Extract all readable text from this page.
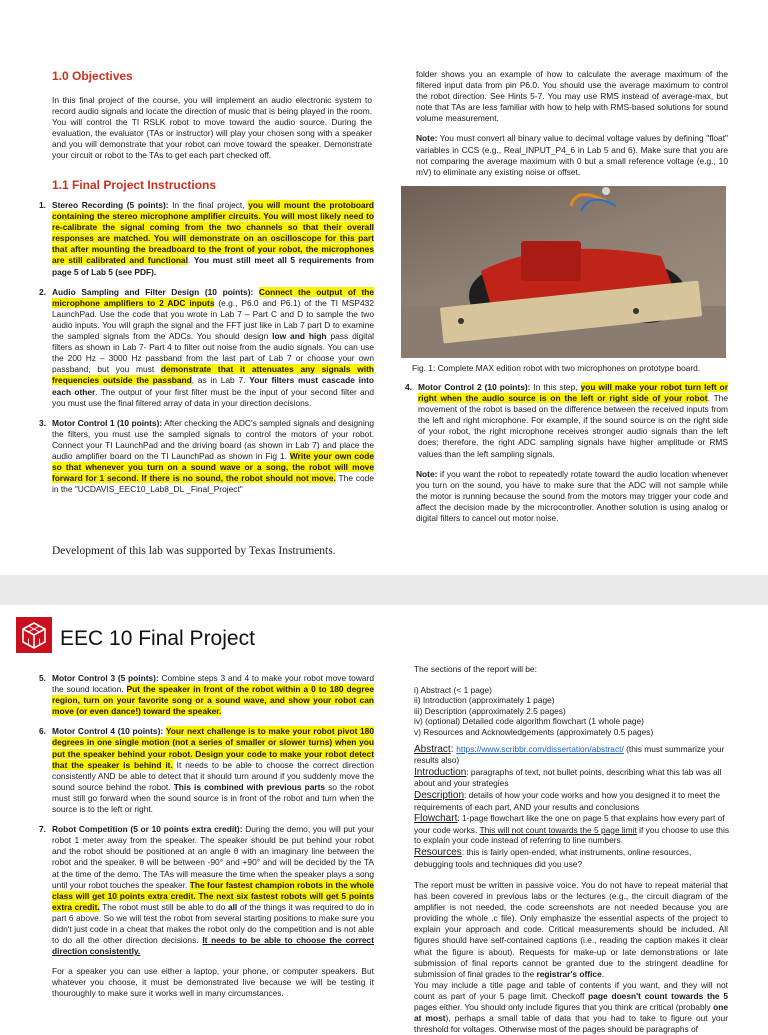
1.0 Objectives
In this final project of the course, you will implement an audio electronic system to record audio signals and locate the direction of music that is being played in the room. You will control the TI RSLK robot to move toward the audio source. During the evaluation, the evaluator (TAs or instructor) will play your chosen song with a speaker and you will demonstrate that your robot can move toward the speaker. Demonstrate your circuit or robot to the TAs to get each part checked off.
1.1 Final Project Instructions
1. Stereo Recording (5 points): In the final project, you will mount the protoboard containing the stereo microphone amplifier circuits. You will most likely need to re-calibrate the signal coming from the two channels so that their overall responses are matched. You will demonstrate on an oscilloscope for this part that after mounting the breadboard to the front of your robot, the microphones are still calibrated and functional. You must still meet all 5 requirements from page 5 of Lab 5 (see PDF).
2. Audio Sampling and Filter Design (10 points): Connect the output of the microphone amplifiers to 2 ADC inputs (e.g., P6.0 and P6.1) of the TI MSP432 LaunchPad. Use the code that you wrote in Lab 7 – Part C and D to sample the two audio inputs. You will graph the signal and the FFT just like in Lab 7 part D to examine the sampled signals from the ADCs. You should design low and high pass digital filters as shown in Lab 7- Part 4 to filter out noise from the audio signals. You can use the 200 Hz – 3000 Hz passband from the last part of Lab 7 or choose your own passband, but you must demonstrate that it attenuates any signals with frequencies outside the passband, as in Lab 7. Your filters must cascade into each other. The output of your first filter must be the input of your second filter and you must use the final filtered array of data in your direction decisions.
3. Motor Control 1 (10 points): After checking the ADC's sampled signals and designing the filters, you must use the sampled signals to control the motors of your robot. Connect your TI LaunchPad and the driving board (as shown in Lab 7) and place the audio amplifier board on the TI LaunchPad as shown in Fig 1. Write your own code so that whenever you turn on a sound wave or a song, the robot will move forward for 1 second. If there is no sound, the robot should not move. The code in the "UCDAVIS_EEC10_Lab8_DL _Final_Project"
folder shows you an example of how to calculate the average maximum of the filtered input data from pin P6.0. You should use the average maximum to control the robot direction. See Hints 5-7. You may use RMS instead of average-max, but note that TAs are less familiar with how to help with RMS-based solutions for sound volume measurement.
Note: You must convert all binary value to decimal voltage values by defining "float" variables in CCS (e.g., Real_INPUT_P4_6 in Lab 5 and 6). Make sure that you are not comparing the average maximum with 0 but a small reference voltage (e.g., 10 mV) to eliminate any existing noise or offset.
Fig. 1: Complete MAX edition robot with two microphones on prototype board.
4. Motor Control 2 (10 points): In this step, you will make your robot turn left or right when the audio source is on the left or right side of your robot. The movement of the robot is based on the difference between the received inputs from the left and right microphone. For example, if the sound source is on the right side of your robot, the right microphone receives stronger audio signals than the left does; therefore, the right ADC sampling signals have higher amplitude or RMS values than the left sampling signals.
Note: if you want the robot to repeatedly rotate toward the audio location whenever you turn on the sound, you have to make sure that the ADC will not sample while the motor is running because the sound from the motors may trigger your code and affect the decision made by the microcontroller. Another solution is using analog or digital filters to cancel out motor noise.
Development of this lab was supported by Texas Instruments.
EEC 10 Final Project
5. Motor Control 3 (5 points): Combine steps 3 and 4 to make your robot move toward the sound location. Put the speaker in front of the robot within a 0 to 180 degree region, turn on your favorite song or a sound wave, and show your robot can move (or even dance!) toward the speaker.
6. Motor Control 4 (10 points): Your next challenge is to make your robot pivot 180 degrees in one single motion (not a series of smaller or slower turns) when you put the speaker behind your robot. Design your code to make your robot detect that the speaker is behind it. It needs to be able to choose the correct direction consistently AND be able to detect that it should turn around if you suddenly move the sound source behind the robot. This is combined with previous parts so the robot must still go forward when the sound source is in front of the robot and turn when the source is to the left or right.
7. Robot Competition (5 or 10 points extra credit): During the demo, you will put your robot 1 meter away from the speaker. The speaker should be put behind your robot and the robot should be positioned at an angle θ with an imaginary line between the robot and the speaker. θ will be between -90° and +90° and will be decided by the TA at the time of the demo. The TAs will measure the time when the speaker plays a song until your robot touches the speaker. The four fastest champion robots in the whole class will get 10 points extra credit. The next six fastest robots will get 5 points extra credit. The robot must still be able to do all of the things it was required to do in part 6 above. So we will test the robot from several starting positions to make sure you didn't just code in a cheat that makes the robot only do the competition and is not able to do all the other direction decisions. It needs to be able to choose the correct direction consistently.
For a speaker you can use either a laptop, your phone, or computer speakers. But whatever you choose, it must be demonstrated live because we will be testing it thouroughly to make sure it works well in many circumstances.
The sections of the report will be:
i) Abstract (< 1 page)
ii) Introduction (approximately 1 page)
iii) Description (approximately 2.5 pages)
iv) (optional) Detailed code algorithm flowchart (1 whole page)
v) Resources and Acknowledgements (approximately 0.5 pages)
Abstract: https://www.scribbr.com/dissertation/abstract/ (this must summarize your results also)
Introduction: paragraphs of text, not bullet points, describing what this lab was all about and your strategies
Description: details of how your code works and how you designed it to meet the requirements of each part, AND your results and conclusions
Flowchart: 1-page flowchart like the one on page 5 that explains how every part of your code works. This will not count towards the 5 page limit if you choose to use this to explain your code instead of referring to line numbers.
Resources: this is fairly open-ended, what instruments, online resources, debugging tools and techniques did you use?
The report must be written in passive voice. You do not have to repeat material that has been covered in previous labs or the lectures (e.g., the circuit diagram of the amplifier is not needed, the code screenshots are not needed because you are providing the whole .c file). Only emphasize the essential aspects of the project to explain your approach and code. Critical measurements should be included. All figures should have self-contained captions (i.e., reading the caption makes it clear what the figure is about). Requests for make-up or late demonstrations or late submission of final reports cannot be granted due to the stringent deadline for submission of final grades to the registrar's office.
You may include a title page and table of contents if you want, and they will not count as part of your 5 page limit. Checkoff page doesn't count towards the 5 pages either. You should only include figures that you think are critical (probably one at most), perhaps a small table of data that you had to take to figure out your threshold for voltages. Otherwise most of the pages should be paragraphs of
